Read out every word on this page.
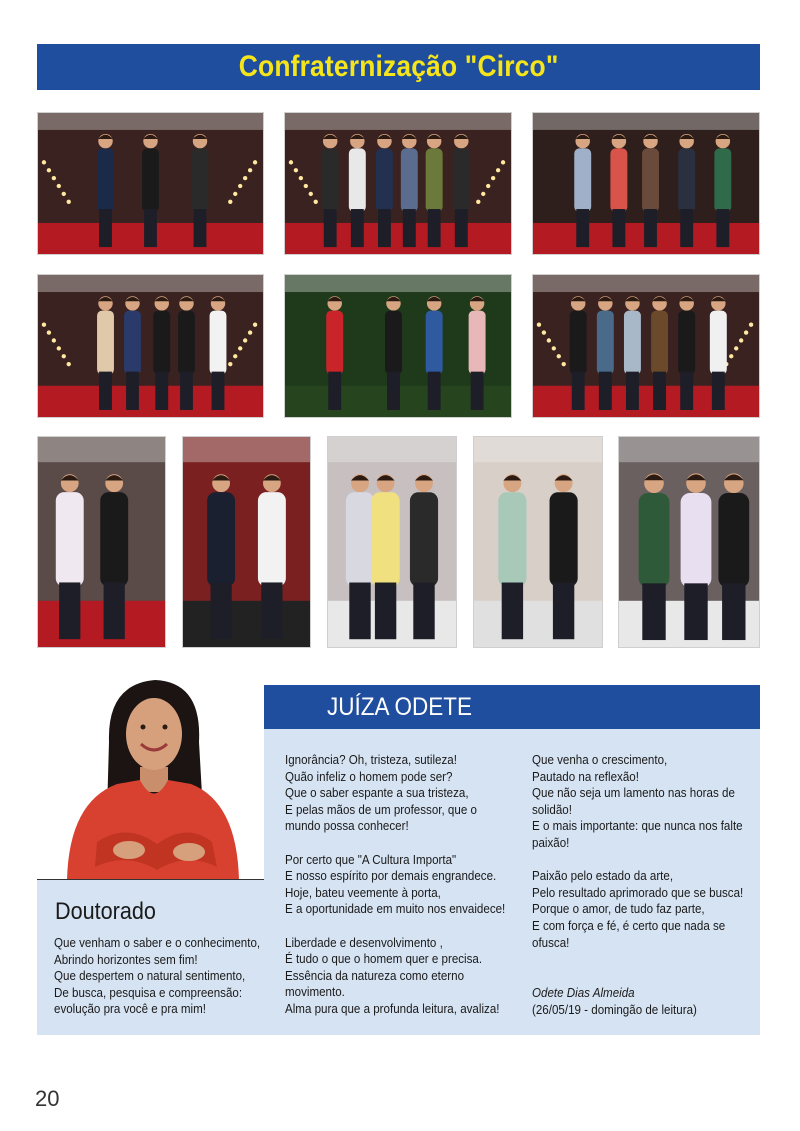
Confraternização "Circo"
JUÍZA ODETE
Doutorado

Que venham o saber e o conhecimento,
Abrindo horizontes sem fim!
Que despertem o natural sentimento,
De busca, pesquisa e compreensão:
evolução pra você e pra mim!

Ignorância? Oh, tristeza, sutileza!
Quão infeliz o homem pode ser?
Que o saber espante a sua tristeza,
E pelas mãos de um professor, que o
mundo possa conhecer!

Por certo que "A Cultura Importa"
E nosso espírito por demais engrandece.
Hoje, bateu veemente à porta,
E a oportunidade em muito nos envaidece!

Liberdade e desenvolvimento ,
É tudo o que o homem quer e precisa.
Essência da natureza como eterno
movimento.
Alma pura que a profunda leitura, avaliza!

Que venha o crescimento,
Pautado na reflexão!
Que não seja um lamento nas horas de
solidão!
E o mais importante: que nunca nos falte
paixão!

Paixão pelo estado da arte,
Pelo resultado aprimorado que se busca!
Porque o amor, de tudo faz parte,
E com força e fé, é certo que nada se
ofusca!

Odete Dias Almeida
(26/05/19 - domingão de leitura)
20
